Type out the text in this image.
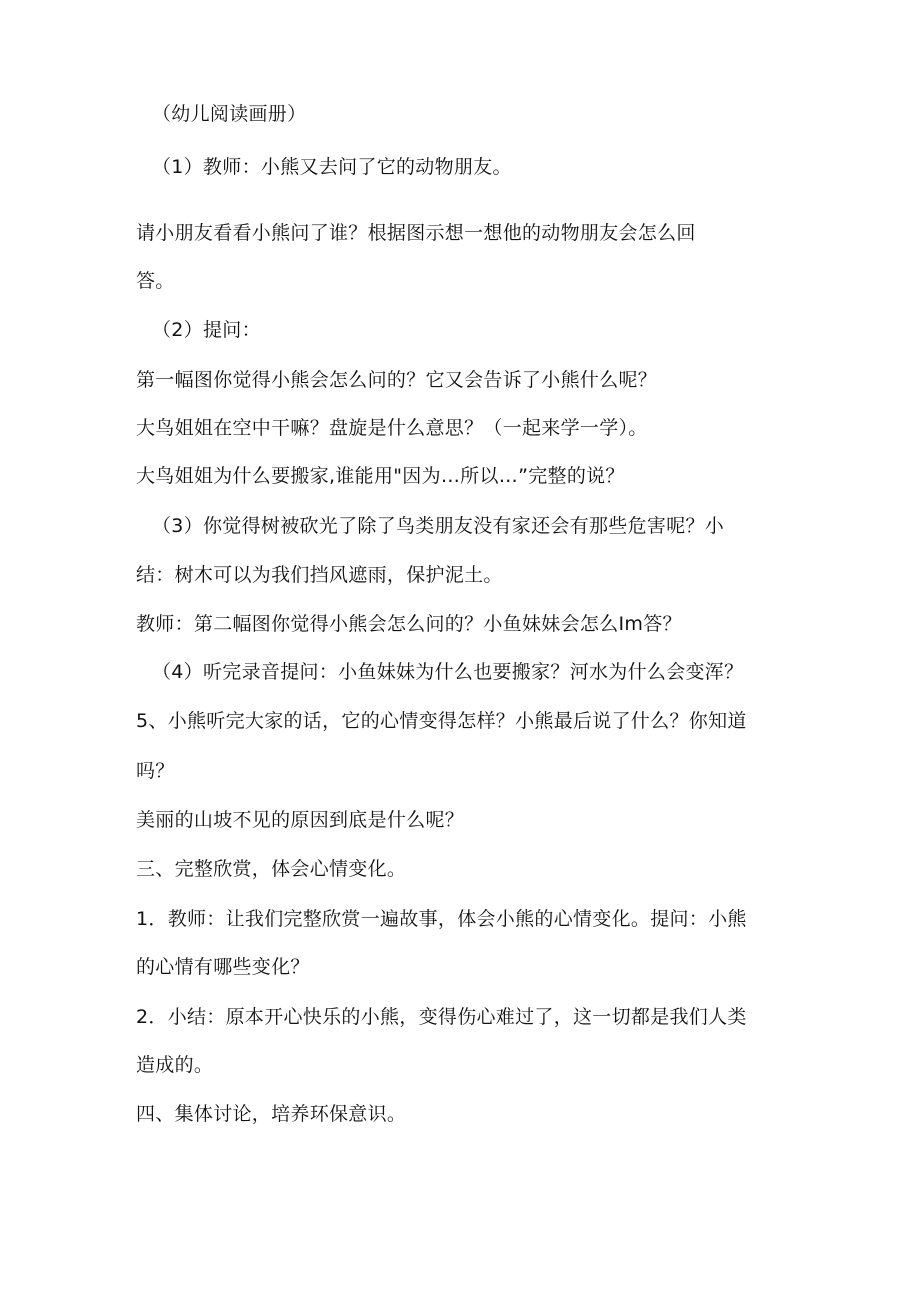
（幼儿阅读画册）
（1）教师：小熊又去问了它的动物朋友。
请小朋友看看小熊问了谁？根据图示想一想他的动物朋友会怎么回
答。
（2）提问：
第一幅图你觉得小熊会怎么问的？它又会告诉了小熊什么呢？
大鸟姐姐在空中干嘛？盘旋是什么意思？（一起来学一学）。
大鸟姐姐为什么要搬家,谁能用"因为…所以…”完整的说？
（3）你觉得树被砍光了除了鸟类朋友没有家还会有那些危害呢？小
结：树木可以为我们挡风遮雨，保护泥土。
教师：第二幅图你觉得小熊会怎么问的？小鱼妹妹会怎么Im答？
（4）听完录音提问：小鱼妹妹为什么也要搬家？河水为什么会变浑？
5、小熊听完大家的话，它的心情变得怎样？小熊最后说了什么？你知道
吗？
美丽的山坡不见的原因到底是什么呢？
三、完整欣赏，体会心情变化。
1．教师：让我们完整欣赏一遍故事，体会小熊的心情变化。提问：小熊
的心情有哪些变化？
2．小结：原本开心快乐的小熊，变得伤心难过了，这一切都是我们人类
造成的。
四、集体讨论，培养环保意识。
